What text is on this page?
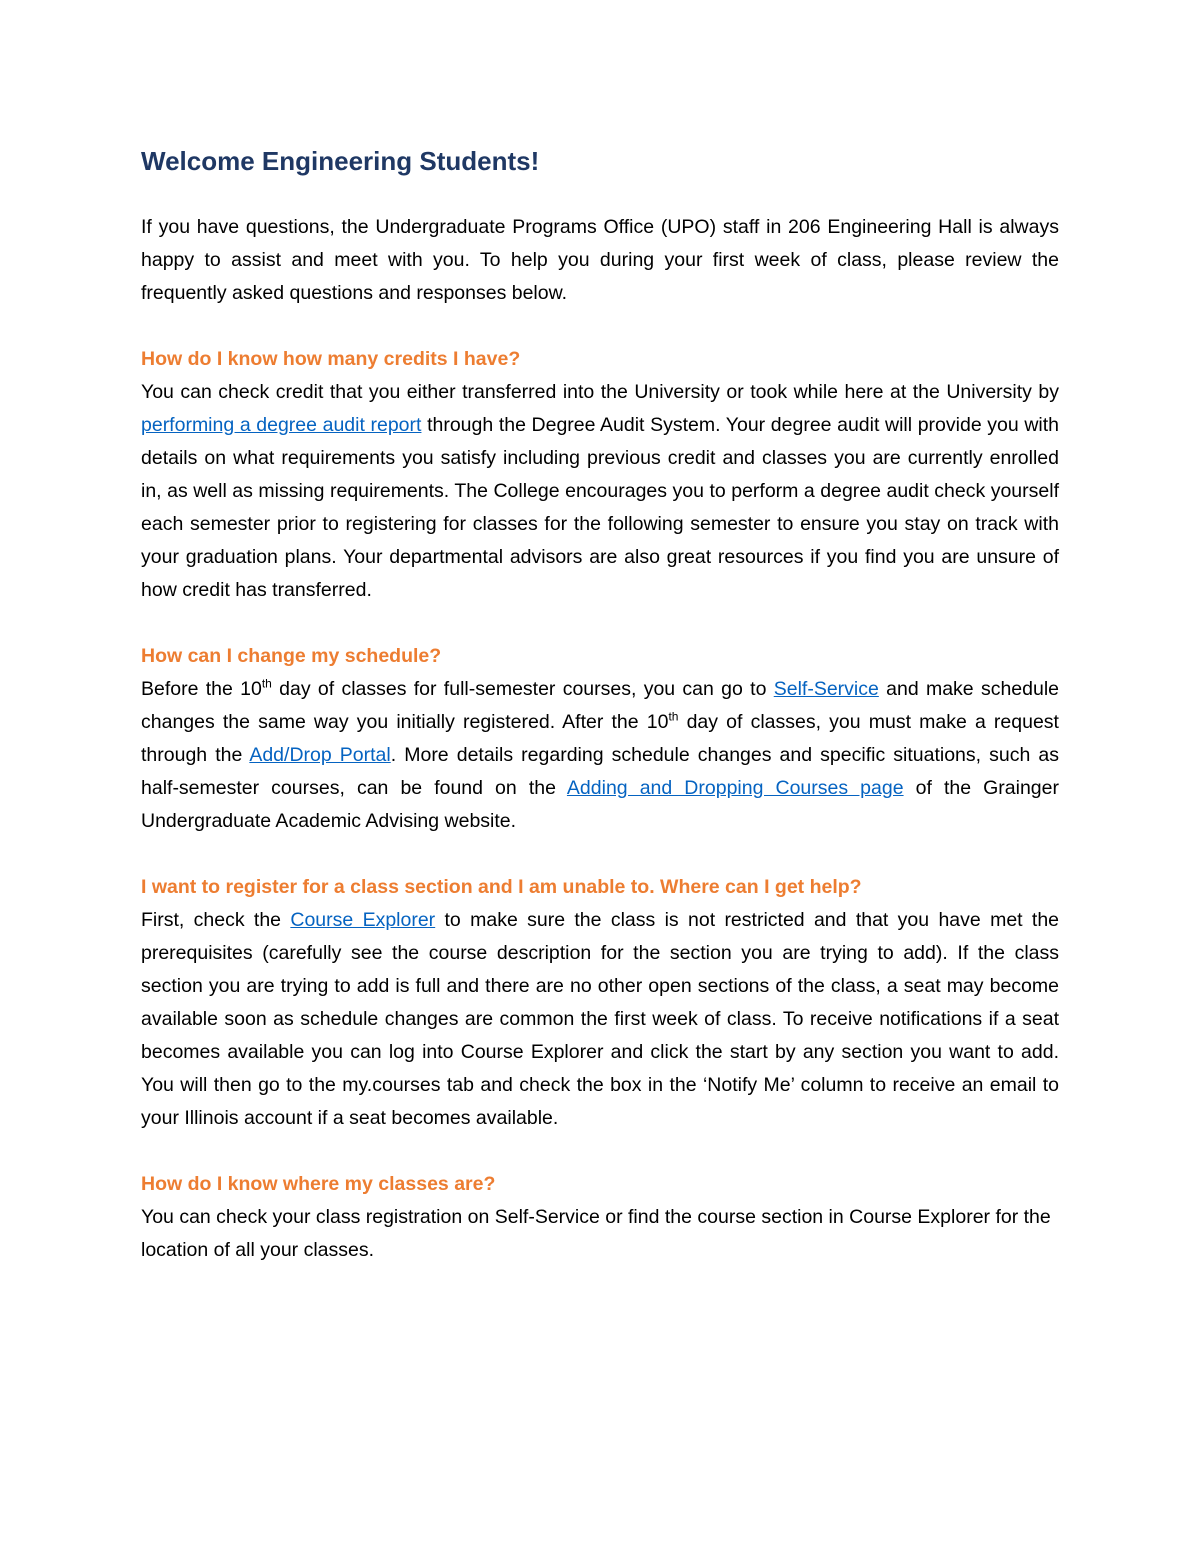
Welcome Engineering Students!

If you have questions, the Undergraduate Programs Office (UPO) staff in 206 Engineering Hall is always happy to assist and meet with you. To help you during your first week of class, please review the frequently asked questions and responses below.

How do I know how many credits I have?

You can check credit that you either transferred into the University or took while here at the University by performing a degree audit report through the Degree Audit System. Your degree audit will provide you with details on what requirements you satisfy including previous credit and classes you are currently enrolled in, as well as missing requirements. The College encourages you to perform a degree audit check yourself each semester prior to registering for classes for the following semester to ensure you stay on track with your graduation plans. Your departmental advisors are also great resources if you find you are unsure of how credit has transferred.

How can I change my schedule?

Before the 10th day of classes for full-semester courses, you can go to Self-Service and make schedule changes the same way you initially registered. After the 10th day of classes, you must make a request through the Add/Drop Portal. More details regarding schedule changes and specific situations, such as half-semester courses, can be found on the Adding and Dropping Courses page of the Grainger Undergraduate Academic Advising website.

I want to register for a class section and I am unable to. Where can I get help?

First, check the Course Explorer to make sure the class is not restricted and that you have met the prerequisites (carefully see the course description for the section you are trying to add). If the class section you are trying to add is full and there are no other open sections of the class, a seat may become available soon as schedule changes are common the first week of class. To receive notifications if a seat becomes available you can log into Course Explorer and click the start by any section you want to add. You will then go to the my.courses tab and check the box in the ‘Notify Me’ column to receive an email to your Illinois account if a seat becomes available.

How do I know where my classes are?

You can check your class registration on Self-Service or find the course section in Course Explorer for the location of all your classes.
